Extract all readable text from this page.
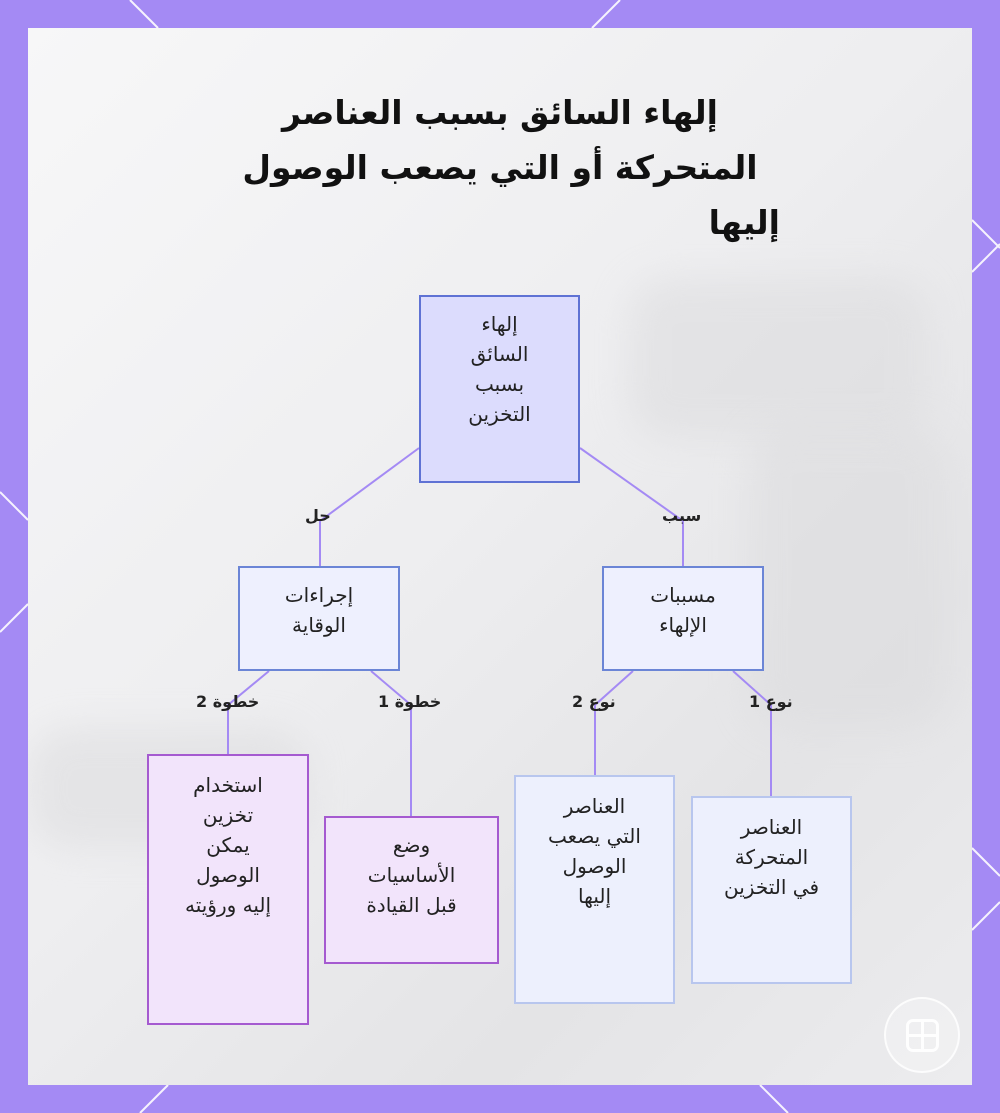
إلهاء السائق بسبب العناصر
المتحركة أو التي يصعب الوصول
إليها
سبب
حل
نوع 1
نوع 2
خطوة 1
خطوة 2
إلهاء
السائق
بسبب
التخزين
مسببات
الإلهاء
إجراءات
الوقاية
العناصر
المتحركة
في التخزين
العناصر
التي يصعب
الوصول
إليها
وضع
الأساسيات
قبل القيادة
استخدام
تخزين
يمكن
الوصول
إليه ورؤيته
